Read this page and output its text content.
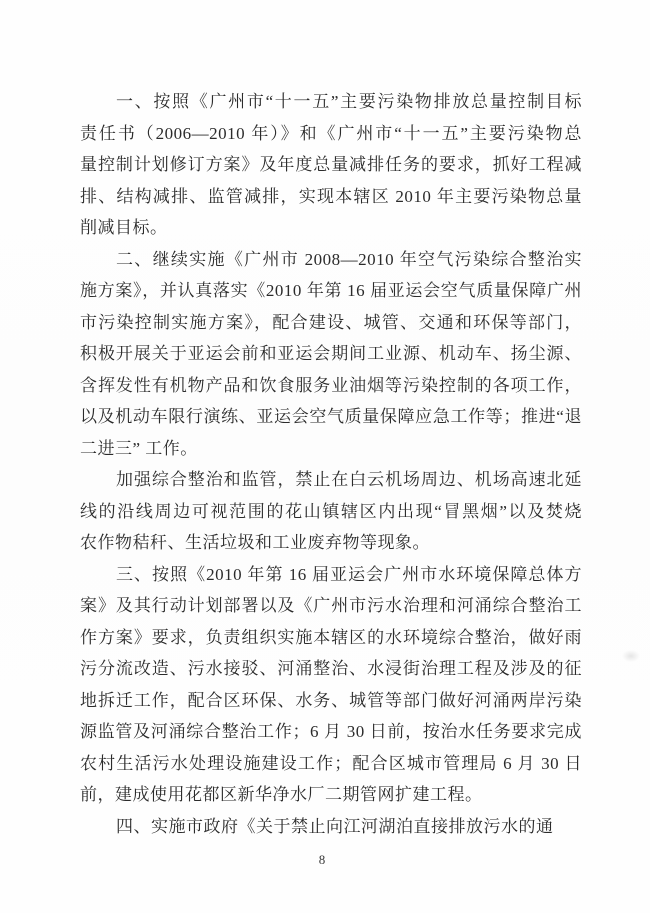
一、按照《广州市“十一五”主要污染物排放总量控制目标
责任书（2006—2010 年）》和《广州市“十一五”主要污染物总
量控制计划修订方案》及年度总量减排任务的要求，抓好工程减
排、结构减排、监管减排，实现本辖区 2010 年主要污染物总量
削减目标。

二、继续实施《广州市 2008—2010 年空气污染综合整治实
施方案》，并认真落实《2010 年第 16 届亚运会空气质量保障广州
市污染控制实施方案》，配合建设、城管、交通和环保等部门，
积极开展关于亚运会前和亚运会期间工业源、机动车、扬尘源、
含挥发性有机物产品和饮食服务业油烟等污染控制的各项工作，
以及机动车限行演练、亚运会空气质量保障应急工作等；推进“退
二进三” 工作。

加强综合整治和监管，禁止在白云机场周边、机场高速北延
线的沿线周边可视范围的花山镇辖区内出现“冒黑烟”以及焚烧
农作物秸秆、生活垃圾和工业废弃物等现象。

三、按照《2010 年第 16 届亚运会广州市水环境保障总体方
案》及其行动计划部署以及《广州市污水治理和河涌综合整治工
作方案》要求，负责组织实施本辖区的水环境综合整治，做好雨
污分流改造、污水接驳、河涌整治、水浸街治理工程及涉及的征
地拆迁工作，配合区环保、水务、城管等部门做好河涌两岸污染
源监管及河涌综合整治工作；6 月 30 日前，按治水任务要求完成
农村生活污水处理设施建设工作；配合区城市管理局 6 月 30 日
前，建成使用花都区新华净水厂二期管网扩建工程。

四、实施市政府《关于禁止向江河湖泊直接排放污水的通

8
